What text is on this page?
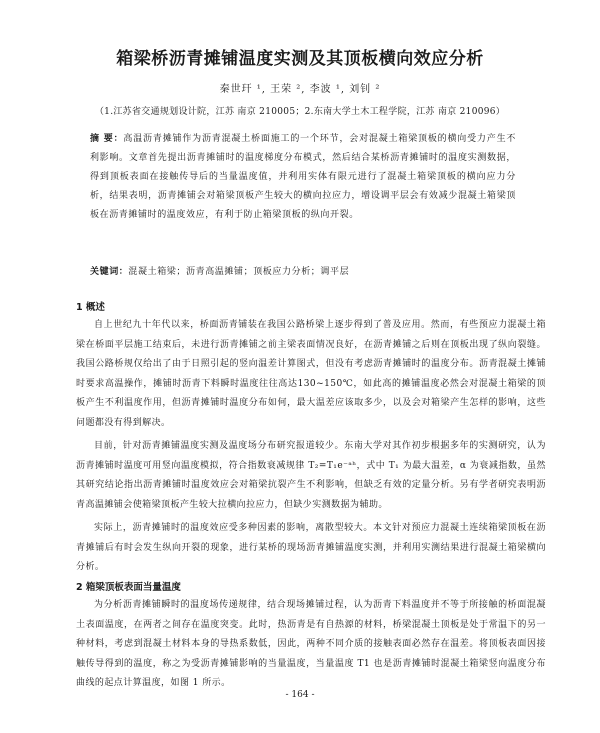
箱梁桥沥青摊铺温度实测及其顶板横向效应分析
秦世玕 ¹, 王荣 ², 李波 ¹, 刘钊 ²
（1.江苏省交通规划设计院，江苏 南京 210005；2.东南大学土木工程学院，江苏 南京 210096）
摘 要：高温沥青摊铺作为沥青混凝土桥面施工的一个环节，会对混凝土箱梁顶板的横向受力产生不利影响。文章首先提出沥青摊铺时的温度梯度分布模式，然后结合某桥沥青摊铺时的温度实测数据，得到顶板表面在接触传导后的当量温度值，并利用实体有限元进行了混凝土箱梁顶板的横向应力分析，结果表明，沥青摊铺会对箱梁顶板产生较大的横向拉应力，增设调平层会有效减少混凝土箱梁顶板在沥青摊铺时的温度效应，有利于防止箱梁顶板的纵向开裂。
关键词：混凝土箱梁；沥青高温摊铺；顶板应力分析；调平层
1 概述

自上世纪九十年代以来，桥面沥青铺装在我国公路桥梁上逐步得到了普及应用。然而，有些预应力混凝土箱梁在桥面平层施工结束后，未进行沥青摊铺之前主梁表面情况良好，在沥青摊铺之后则在顶板出现了纵向裂缝。我国公路桥规仅给出了由于日照引起的竖向温差计算图式，但没有考虑沥青摊铺时的温度分布。沥青混凝土摊铺时要求高温操作，摊铺时沥青下料瞬时温度往往高达130~150℃，如此高的摊铺温度必然会对混凝土箱梁的顶板产生不利温度作用，但沥青摊铺时温度分布如何，最大温差应该取多少，以及会对箱梁产生怎样的影响，这些问题都没有得到解决。

目前，针对沥青摊铺温度实测及温度场分布研究报道较少。东南大学对其作初步根据多年的实测研究，认为沥青摊铺时温度可用竖向温度模拟，符合指数衰减规律 T₂=T₁e⁻ᵃʰ，式中 T₁ 为最大温差，α 为衰减指数，虽然其研究结论指出沥青摊铺时温度效应会对箱梁抗裂产生不利影响，但缺乏有效的定量分析。另有学者研究表明沥青高温摊铺会使箱梁顶板产生较大拉横向拉应力，但缺少实测数据为辅助。

实际上，沥青摊铺时的温度效应受多种因素的影响，离散型较大。本文针对预应力混凝土连续箱梁顶板在沥青摊铺后有时会发生纵向开裂的现象，进行某桥的现场沥青摊铺温度实测，并利用实测结果进行混凝土箱梁横向分析。

2 箱梁顶板表面当量温度

为分析沥青摊铺瞬时的温度场传递规律，结合现场摊铺过程，认为沥青下料温度并不等于所接触的桥面混凝土表面温度，在两者之间存在温度突变。此时，热沥青是有自热源的材料，桥梁混凝土顶板是处于常温下的另一种材料，考虑到混凝土材料本身的导热系数低，因此，两种不同介质的接触表面必然存在温差。将顶板表面因接触传导得到的温度，称之为受沥青摊铺影响的当量温度，当量温度 T1 也是沥青摊铺时混凝土箱梁竖向温度分布曲线的起点计算温度，如图 1 所示。

- 164 -
